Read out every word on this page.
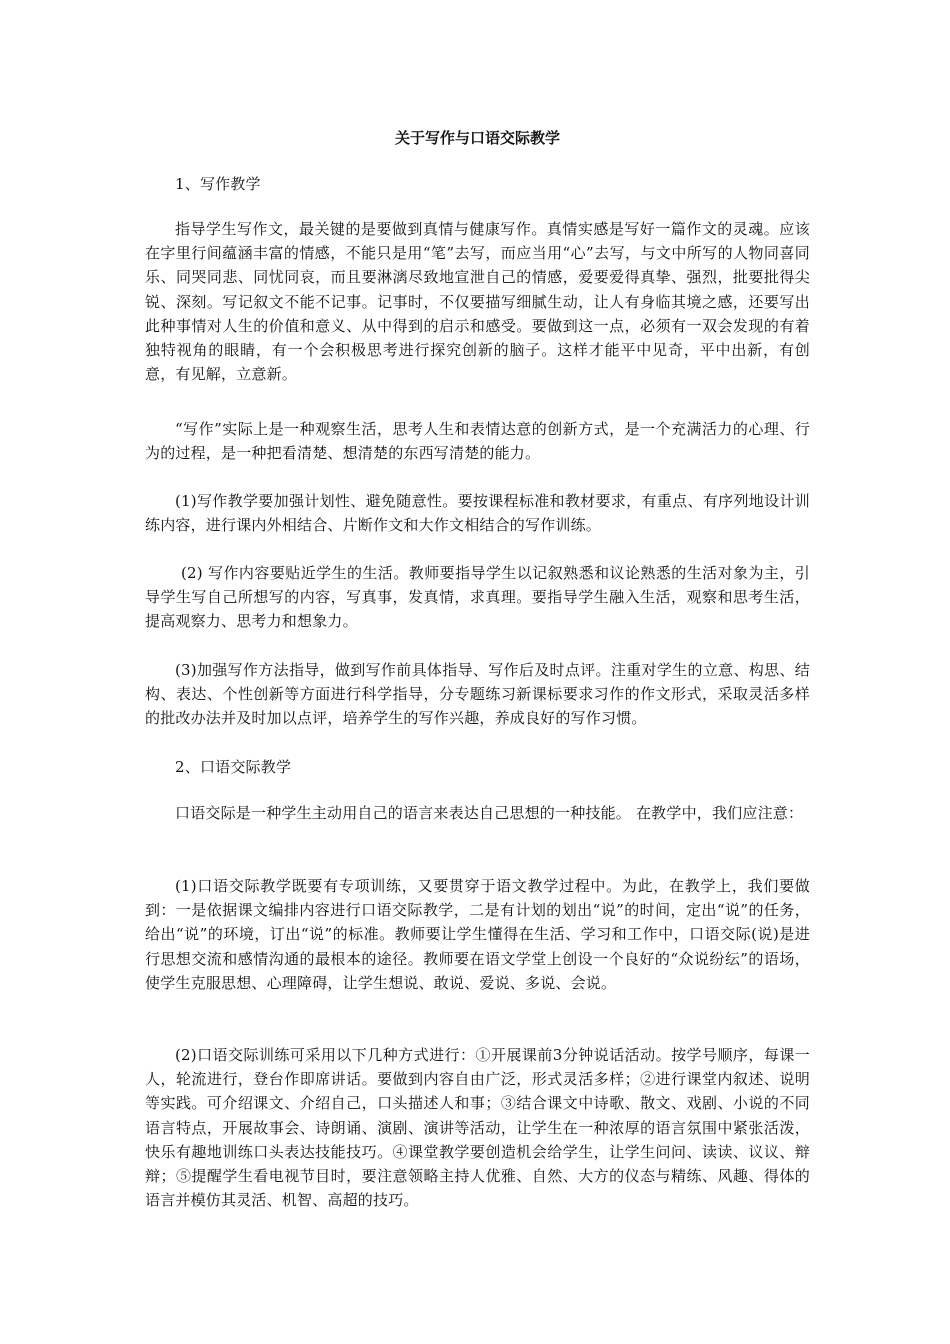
关于写作与口语交际教学

1、写作教学

指导学生写作文，最关键的是要做到真情与健康写作。真情实感是写好一篇作文的灵魂。应该在字里行间蕴涵丰富的情感，不能只是用“笔”去写，而应当用“心”去写，与文中所写的人物同喜同乐、同哭同悲、同忧同哀，而且要淋漓尽致地宣泄自己的情感，爱要爱得真挚、强烈，批要批得尖锐、深刻。写记叙文不能不记事。记事时，不仅要描写细腻生动，让人有身临其境之感，还要写出此种事情对人生的价值和意义、从中得到的启示和感受。要做到这一点，必须有一双会发现的有着独特视角的眼睛，有一个会积极思考进行探究创新的脑子。这样才能平中见奇，平中出新，有创意，有见解，立意新。

“写作”实际上是一种观察生活，思考人生和表情达意的创新方式，是一个充满活力的心理、行为的过程，是一种把看清楚、想清楚的东西写清楚的能力。

(1)写作教学要加强计划性、避免随意性。要按课程标准和教材要求，有重点、有序列地设计训练内容，进行课内外相结合、片断作文和大作文相结合的写作训练。

(2) 写作内容要贴近学生的生活。教师要指导学生以记叙熟悉和议论熟悉的生活对象为主，引导学生写自己所想写的内容，写真事，发真情，求真理。要指导学生融入生活，观察和思考生活，提高观察力、思考力和想象力。

(3)加强写作方法指导，做到写作前具体指导、写作后及时点评。注重对学生的立意、构思、结构、表达、个性创新等方面进行科学指导，分专题练习新课标要求习作的作文形式，采取灵活多样的批改办法并及时加以点评，培养学生的写作兴趣，养成良好的写作习惯。

2、口语交际教学

口语交际是一种学生主动用自己的语言来表达自己思想的一种技能。 在教学中，我们应注意：

(1)口语交际教学既要有专项训练，又要贯穿于语文教学过程中。为此，在教学上，我们要做到：一是依据课文编排内容进行口语交际教学，二是有计划的划出“说”的时间，定出“说”的任务，给出“说”的环境，订出“说”的标准。教师要让学生懂得在生活、学习和工作中，口语交际(说)是进行思想交流和感情沟通的最根本的途径。教师要在语文学堂上创设一个良好的“众说纷纭”的语场，使学生克服思想、心理障碍，让学生想说、敢说、爱说、多说、会说。

(2)口语交际训练可采用以下几种方式进行：①开展课前3分钟说话活动。按学号顺序，每课一人，轮流进行，登台作即席讲话。要做到内容自由广泛，形式灵活多样；②进行课堂内叙述、说明等实践。可介绍课文、介绍自己，口头描述人和事；③结合课文中诗歌、散文、戏剧、小说的不同语言特点，开展故事会、诗朗诵、演剧、演讲等活动，让学生在一种浓厚的语言氛围中紧张活泼，快乐有趣地训练口头表达技能技巧。④课堂教学要创造机会给学生，让学生问问、读读、议议、辩辩；⑤提醒学生看电视节目时，要注意领略主持人优雅、自然、大方的仪态与精练、风趣、得体的语言并模仿其灵活、机智、高超的技巧。
